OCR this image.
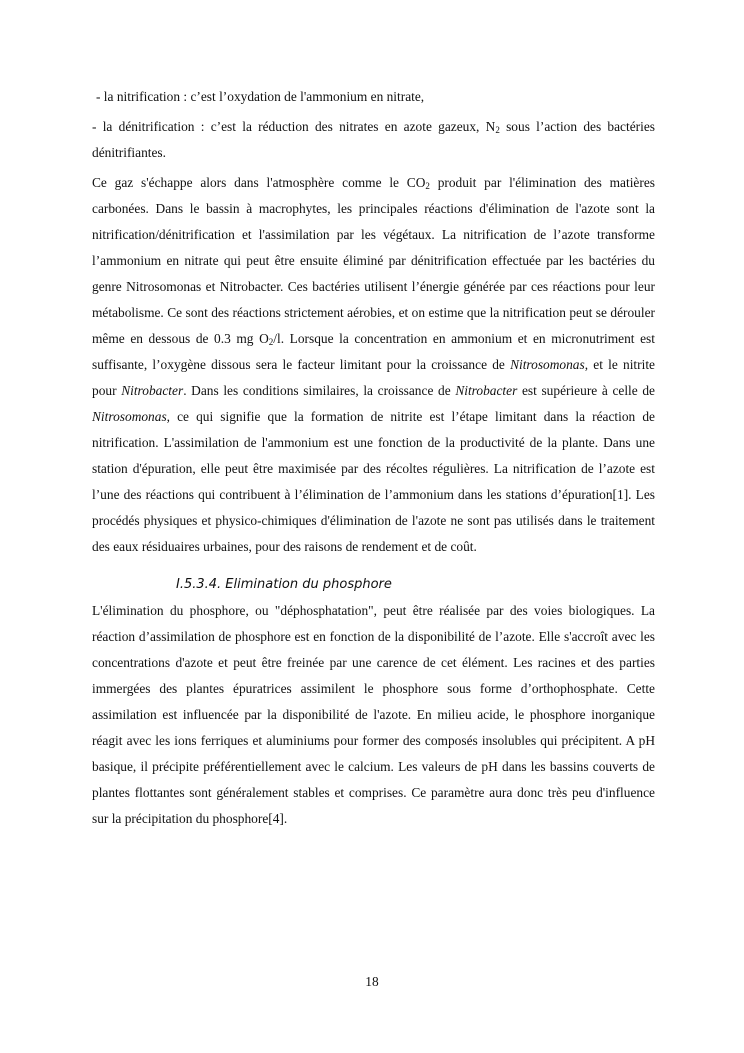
- la nitrification : c’est l’oxydation de l'ammonium en nitrate,

- la dénitrification : c’est la réduction des nitrates en azote gazeux, $N_2$ sous l’action des bactéries dénitrifiantes.

Ce gaz s'échappe alors dans l'atmosphère comme le $CO_2$ produit par l'élimination des matières carbonées. Dans le bassin à macrophytes, les principales réactions d'élimination de l'azote sont la nitrification/dénitrification et l'assimilation par les végétaux. La nitrification de l’azote transforme l’ammonium en nitrate qui peut être ensuite éliminé par dénitrification effectuée par les bactéries du genre Nitrosomonas et Nitrobacter. Ces bactéries utilisent l’énergie générée par ces réactions pour leur métabolisme. Ce sont des réactions strictement aérobies, et on estime que la nitrification peut se dérouler même en dessous de 0.3 mg $O_2/l$. Lorsque la concentration en ammonium et en micronutriment est suffisante, l’oxygène dissous sera le facteur limitant pour la croissance de Nitrosomonas, et le nitrite pour Nitrobacter. Dans les conditions similaires, la croissance de Nitrobacter est supérieure à celle de Nitrosomonas, ce qui signifie que la formation de nitrite est l’étape limitant dans la réaction de nitrification. L'assimilation de l'ammonium est une fonction de la productivité de la plante. Dans une station d'épuration, elle peut être maximisée par des récoltes régulières. La nitrification de l’azote est l’une des réactions qui contribuent à l’élimination de l’ammonium dans les stations d’épuration[1]. Les procédés physiques et physico-chimiques d'élimination de l'azote ne sont pas utilisés dans le traitement des eaux résiduaires urbaines, pour des raisons de rendement et de coût.

I.5.3.4. Elimination du phosphore

L'élimination du phosphore, ou "déphosphatation", peut être réalisée par des voies biologiques. La réaction d’assimilation de phosphore est en fonction de la disponibilité de l’azote. Elle s'accroît avec les concentrations d'azote et peut être freinée par une carence de cet élément. Les racines et des parties immergées des plantes épuratrices assimilent le phosphore sous forme d’orthophosphate. Cette assimilation est influencée par la disponibilité de l'azote. En milieu acide, le phosphore inorganique réagit avec les ions ferriques et aluminiums pour former des composés insolubles qui précipitent. A pH basique, il précipite préférentiellement avec le calcium. Les valeurs de pH dans les bassins couverts de plantes flottantes sont généralement stables et comprises. Ce paramètre aura donc très peu d'influence sur la précipitation du phosphore[4].

18
